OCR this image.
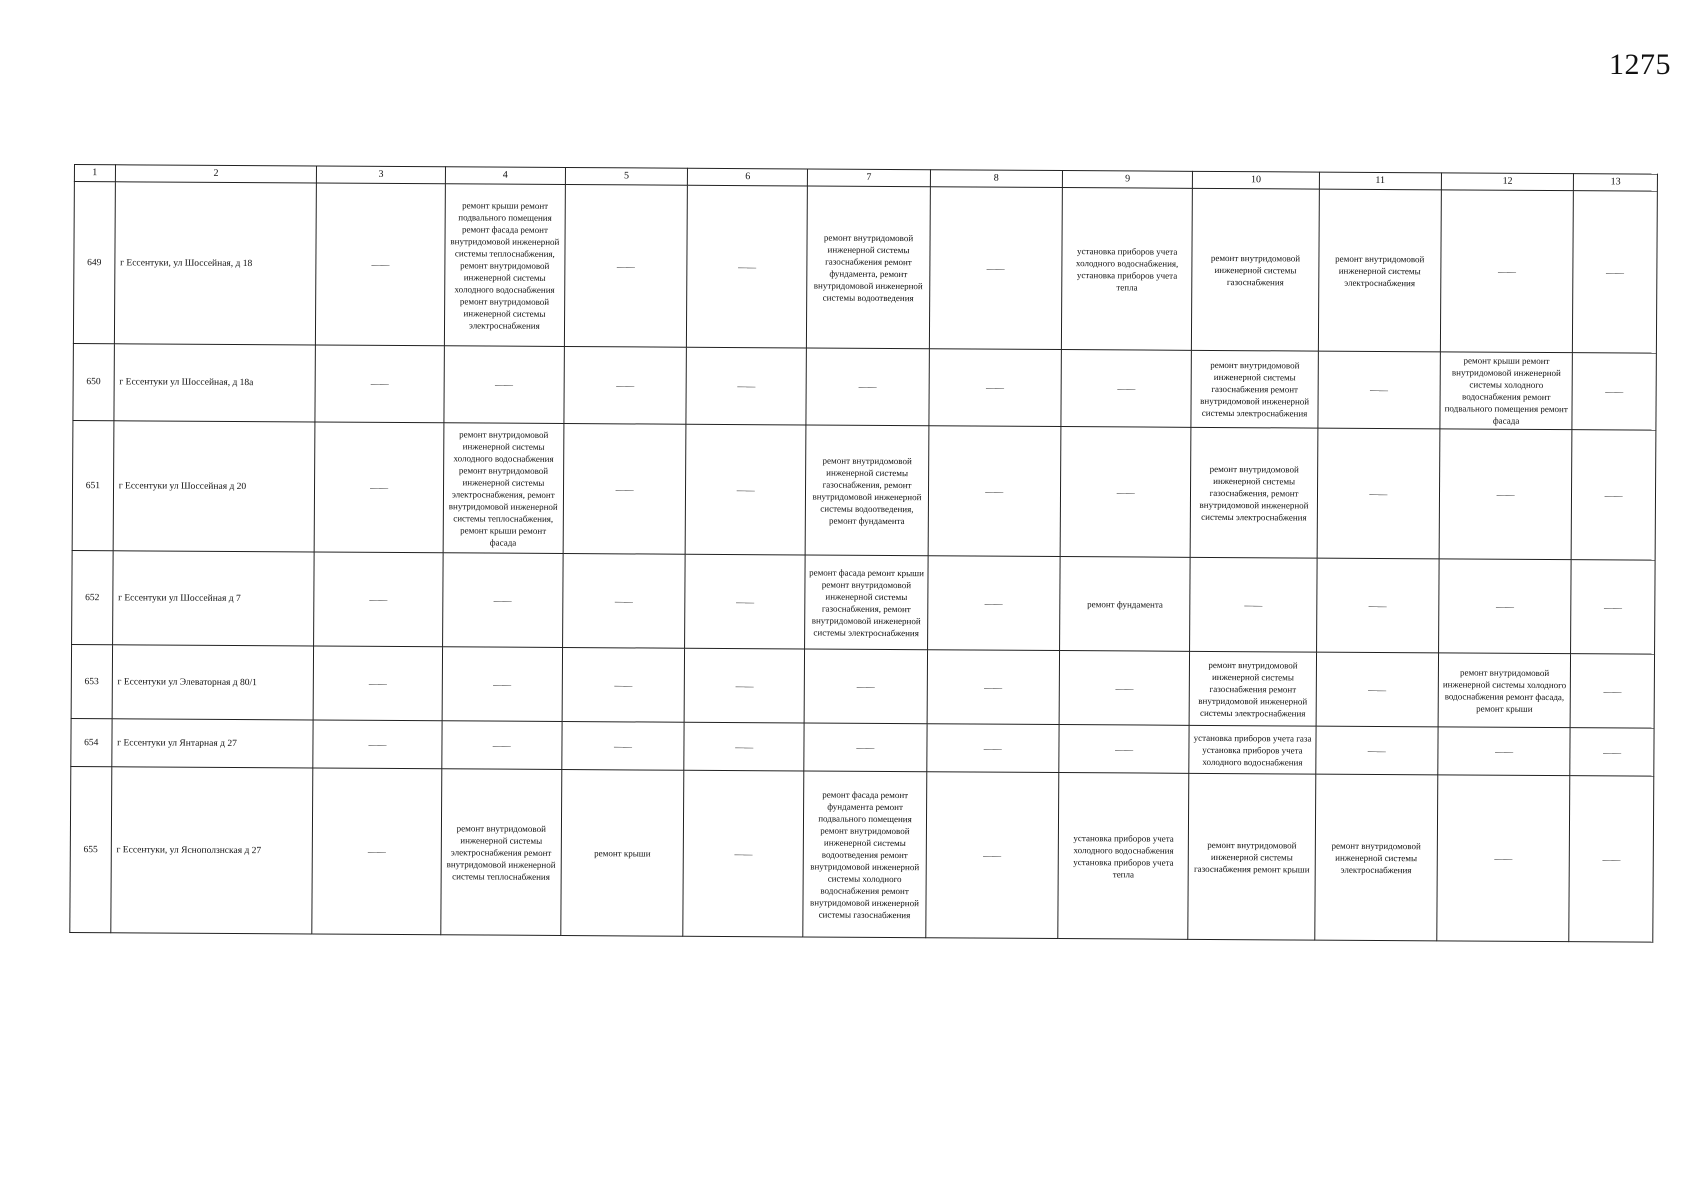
1275
1	2	3	4	5	6	7	8	9	10	11	12	13
649	г Ессентуки, ул Шоссейная, д 18	——	ремонт крыши ремонт подвального помещения ремонт фасада ремонт внутридомовой инженерной системы теплоснабжения, ремонт внутридомовой инженерной системы холодного водоснабжения ремонт внутридомовой инженерной системы электроснабжения	——	——	ремонт внутридомовой инженерной системы газоснабжения ремонт фундамента, ремонт внутридомовой инженерной системы водоотведения	——	установка приборов учета холодного водоснабжения, установка приборов учета тепла	ремонт внутридомовой инженерной системы газоснабжения	ремонт внутридомовой инженерной системы электроснабжения	——	——
650	г Ессентуки ул Шоссейная, д 18а	——	——	——	——	——	——	——	ремонт внутридомовой инженерной системы газоснабжения ремонт внутридомовой инженерной системы электроснабжения	——	ремонт крыши ремонт внутридомовой инженерной системы холодного водоснабжения ремонт подвального помещения ремонт фасада	——
651	г Ессентуки ул Шоссейная д 20	——	ремонт внутридомовой инженерной системы холодного водоснабжения ремонт внутридомовой инженерной системы электроснабжения, ремонт внутридомовой инженерной системы теплоснабжения, ремонт крыши ремонт фасада	——	——	ремонт внутридомовой инженерной системы газоснабжения, ремонт внутридомовой инженерной системы водоотведения, ремонт фундамента	——	——	ремонт внутридомовой инженерной системы газоснабжения, ремонт внутридомовой инженерной системы электроснабжения	——	——	——
652	г Ессентуки ул Шоссейная д 7	——	——	——	——	ремонт фасада ремонт крыши ремонт внутридомовой инженерной системы газоснабжения, ремонт внутридомовой инженерной системы электроснабжения	——	ремонт фундамента	——	——	——	——
653	г Ессентуки ул Элеваторная д 80/1	——	——	——	——	——	——	——	ремонт внутридомовой инженерной системы газоснабжения ремонт внутридомовой инженерной системы электроснабжения	——	ремонт внутридомовой инженерной системы холодного водоснабжения ремонт фасада, ремонт крыши	——
654	г Ессентуки ул Янтарная д 27	——	——	——	——	——	——	——	установка приборов учета газа установка приборов учета холодного водоснабжения	——	——	——
655	г Ессентуки, ул Ясноползнская д 27	——	ремонт внутридомовой инженерной системы электроснабжения ремонт внутридомовой инженерной системы теплоснабжения	ремонт крыши	——	ремонт фасада ремонт фундамента ремонт подвального помещения ремонт внутридомовой инженерной системы водоотведения ремонт внутридомовой инженерной системы холодного водоснабжения ремонт внутридомовой инженерной системы газоснабжения	——	установка приборов учета холодного водоснабжения установка приборов учета тепла	ремонт внутридомовой инженерной системы газоснабжения ремонт крыши	ремонт внутридомовой инженерной системы электроснабжения	——	——
